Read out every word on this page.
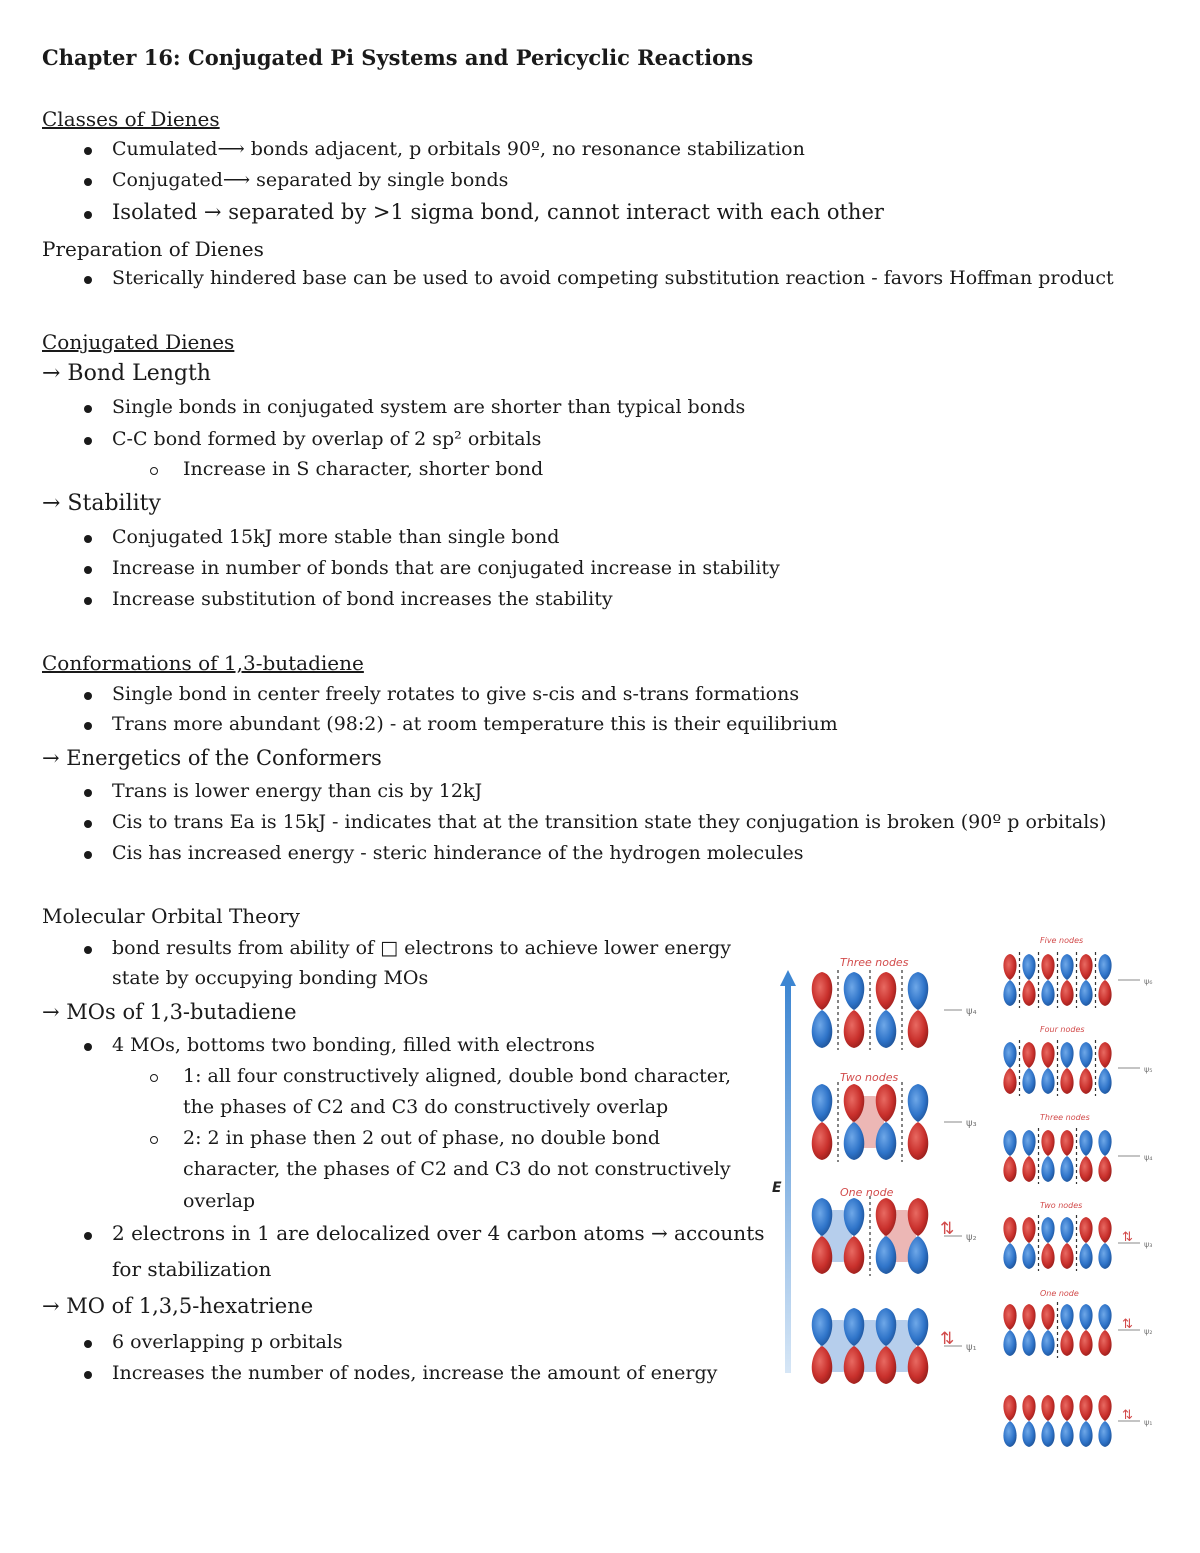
Chapter 16: Conjugated Pi Systems and Pericyclic Reactions
Classes of Dienes
Cumulated⟶ bonds adjacent, p orbitals 90º, no resonance stabilization
Conjugated⟶ separated by single bonds
Isolated → separated by >1 sigma bond, cannot interact with each other
Preparation of Dienes
Sterically hindered base can be used to avoid competing substitution reaction - favors Hoffman product
Conjugated Dienes
→ Bond Length
Single bonds in conjugated system are shorter than typical bonds
C-C bond formed by overlap of 2 sp² orbitals
Increase in S character, shorter bond
→ Stability
Conjugated 15kJ more stable than single bond
Increase in number of bonds that are conjugated increase in stability
Increase substitution of bond increases the stability
Conformations of 1,3-butadiene
Single bond in center freely rotates to give s-cis and s-trans formations
Trans more abundant (98:2) - at room temperature this is their equilibrium
→ Energetics of the Conformers
Trans is lower energy than cis by 12kJ
Cis to trans Ea is 15kJ - indicates that at the transition state they conjugation is broken (90º p orbitals)
Cis has increased energy - steric hinderance of the hydrogen molecules
Molecular Orbital Theory
bond results from ability of □ electrons to achieve lower energy
state by occupying bonding MOs
→ MOs of 1,3-butadiene
4 MOs, bottoms two bonding, filled with electrons
1: all four constructively aligned, double bond character,
the phases of C2 and C3 do constructively overlap
2: 2 in phase then 2 out of phase, no double bond
character, the phases of C2 and C3 do not constructively
overlap
2 electrons in 1 are delocalized over 4 carbon atoms → accounts
for stabilization
→ MO of 1,3,5-hexatriene
6 overlapping p orbitals
Increases the number of nodes, increase the amount of energy
E
Three nodes
ψ₄
Two nodes
ψ₃
One node
ψ₂
⇅
ψ₁
⇅
Five nodes
ψ₆
Four nodes
ψ₅
Three nodes
ψ₄
Two nodes
ψ₃
⇅
One node
ψ₂
⇅
ψ₁
⇅
